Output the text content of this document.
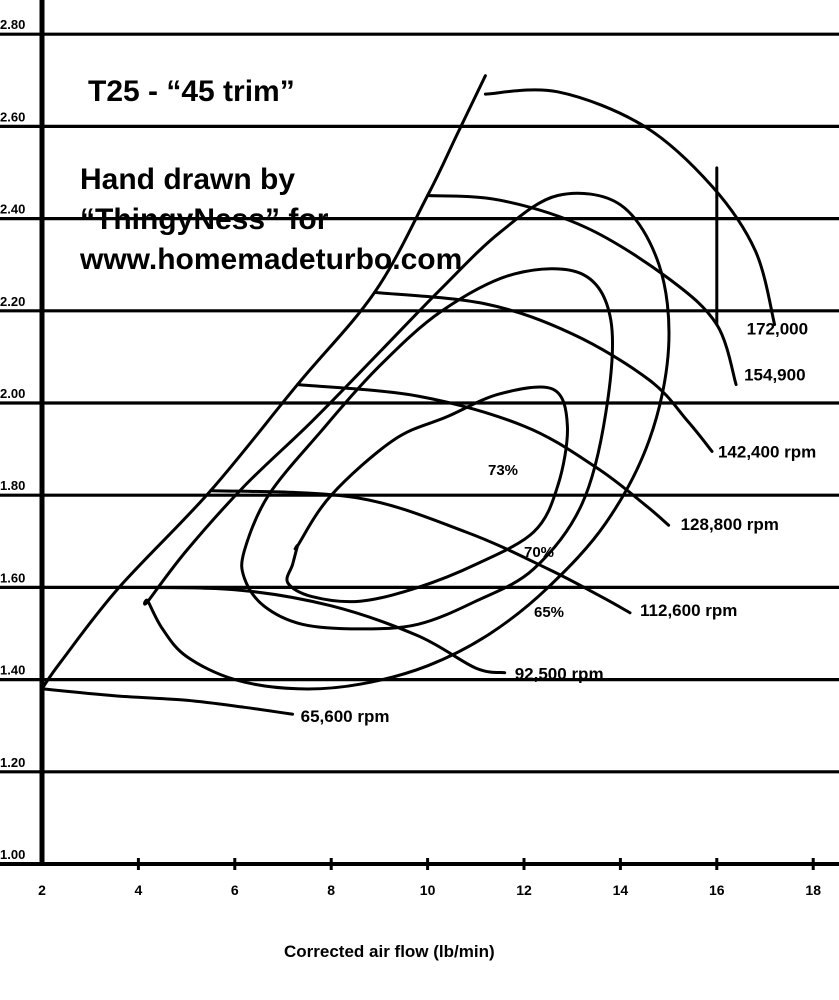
1.00
1.20
1.40
1.60
1.80
2.00
2.20
2.40
2.60
2.80
2	4	6	8	10	12	14	16	18
65,600 rpm
92,500 rpm
112,600 rpm
128,800 rpm
142,400 rpm
154,900
172,000
73%
70%
65%
T25 - “45 trim”
Hand drawn by
“ThingyNess” for
www.homemadeturbo.com
Corrected air flow (lb/min)
